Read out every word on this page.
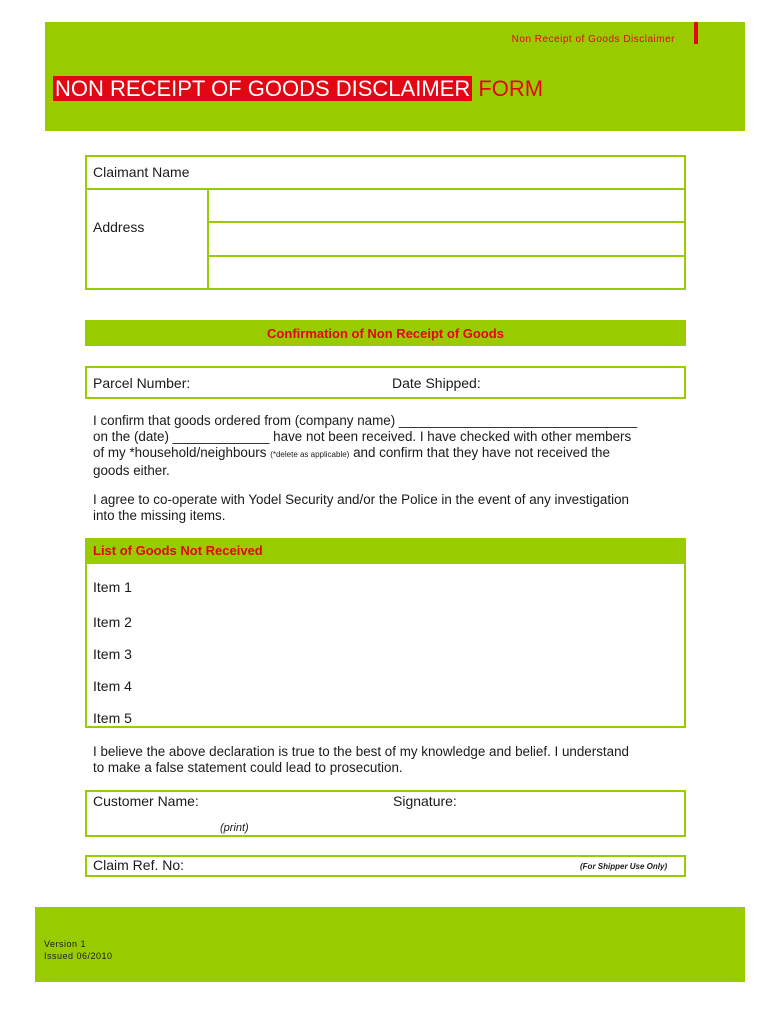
Non Receipt of Goods Disclaimer
NON RECEIPT OF GOODS DISCLAIMER FORM
Claimant Name
Address
Confirmation of Non Receipt of Goods
Parcel Number:	Date Shipped:
I confirm that goods ordered from (company name) ________________________________
on the (date) _____________ have not been received. I have checked with other members
of my *household/neighbours (*delete as applicable) and confirm that they have not received the
goods either.
I agree to co-operate with Yodel Security and/or the Police in the event of any investigation
into the missing items.
List of Goods Not Received
Item 1
Item 2
Item 3
Item 4
Item 5
I believe the above declaration is true to the best of my knowledge and belief. I understand
to make a false statement could lead to prosecution.
Customer Name:	Signature:
(print)
Claim Ref. No:	(For Shipper Use Only)
Version 1
Issued 06/2010
